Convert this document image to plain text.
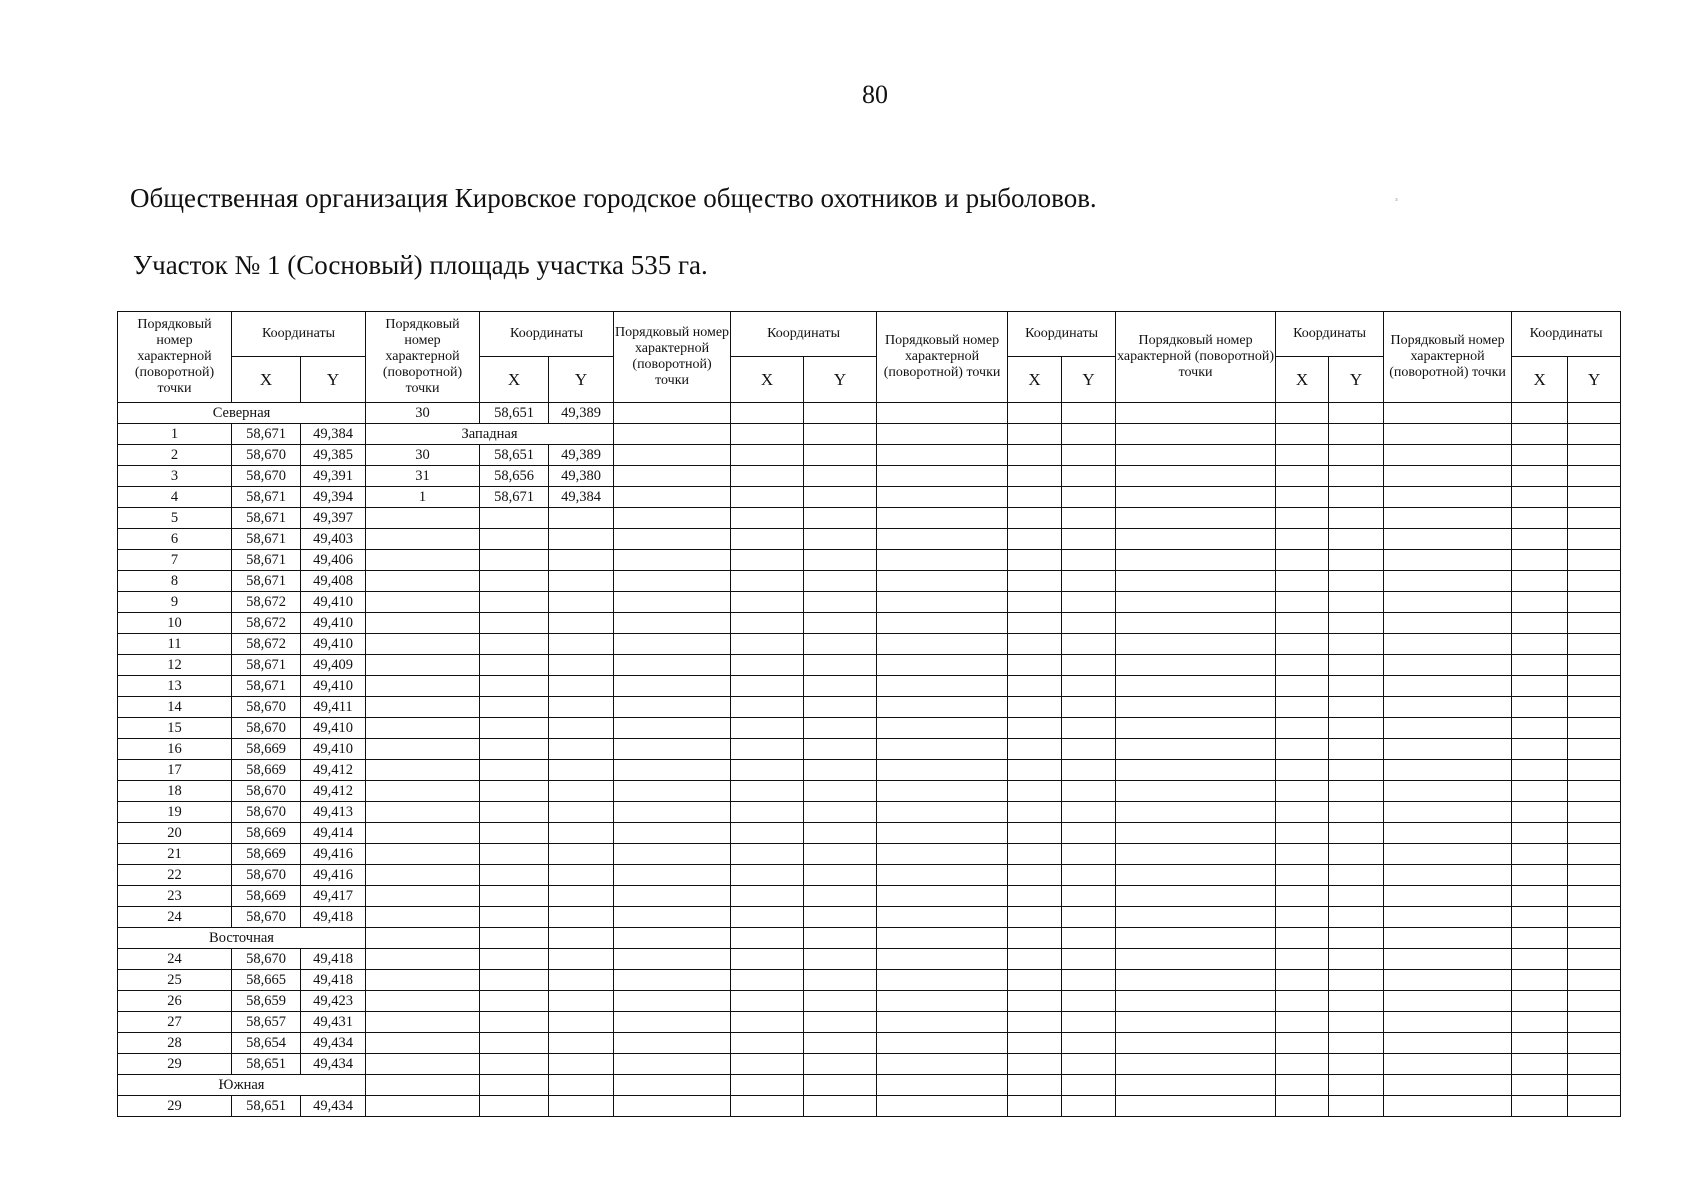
80
Общественная организация Кировское городское общество охотников и рыболовов.	ᶟ
Участок № 1 (Сосновый) площадь участка 535 га.
Порядковый номер характерной (поворотной) точки	Координаты		Порядковый номер характерной (поворотной) точки	Координаты		Порядковый номер характерной (поворотной) точки	Координаты		Порядковый номер характерной (поворотной) точки	Координаты		Порядковый номер характерной (поворотной) точки	Координаты		Порядковый номер характерной (поворотной) точки	Координаты	
	X	Y		X	Y		X	Y		X	Y		X	Y		X	Y
Северная			30	58,651	49,389												
1	58,671	49,384	Западная														
2	58,670	49,385	30	58,651	49,389												
3	58,670	49,391	31	58,656	49,380												
4	58,671	49,394	1	58,671	49,384												
5	58,671	49,397															
6	58,671	49,403															
7	58,671	49,406															
8	58,671	49,408															
9	58,672	49,410															
10	58,672	49,410															
11	58,672	49,410															
12	58,671	49,409															
13	58,671	49,410															
14	58,670	49,411															
15	58,670	49,410															
16	58,669	49,410															
17	58,669	49,412															
18	58,670	49,412															
19	58,670	49,413															
20	58,669	49,414															
21	58,669	49,416															
22	58,670	49,416															
23	58,669	49,417															
24	58,670	49,418															
Восточная																	
24	58,670	49,418															
25	58,665	49,418															
26	58,659	49,423															
27	58,657	49,431															
28	58,654	49,434															
29	58,651	49,434															
Южная																	
29	58,651	49,434															
